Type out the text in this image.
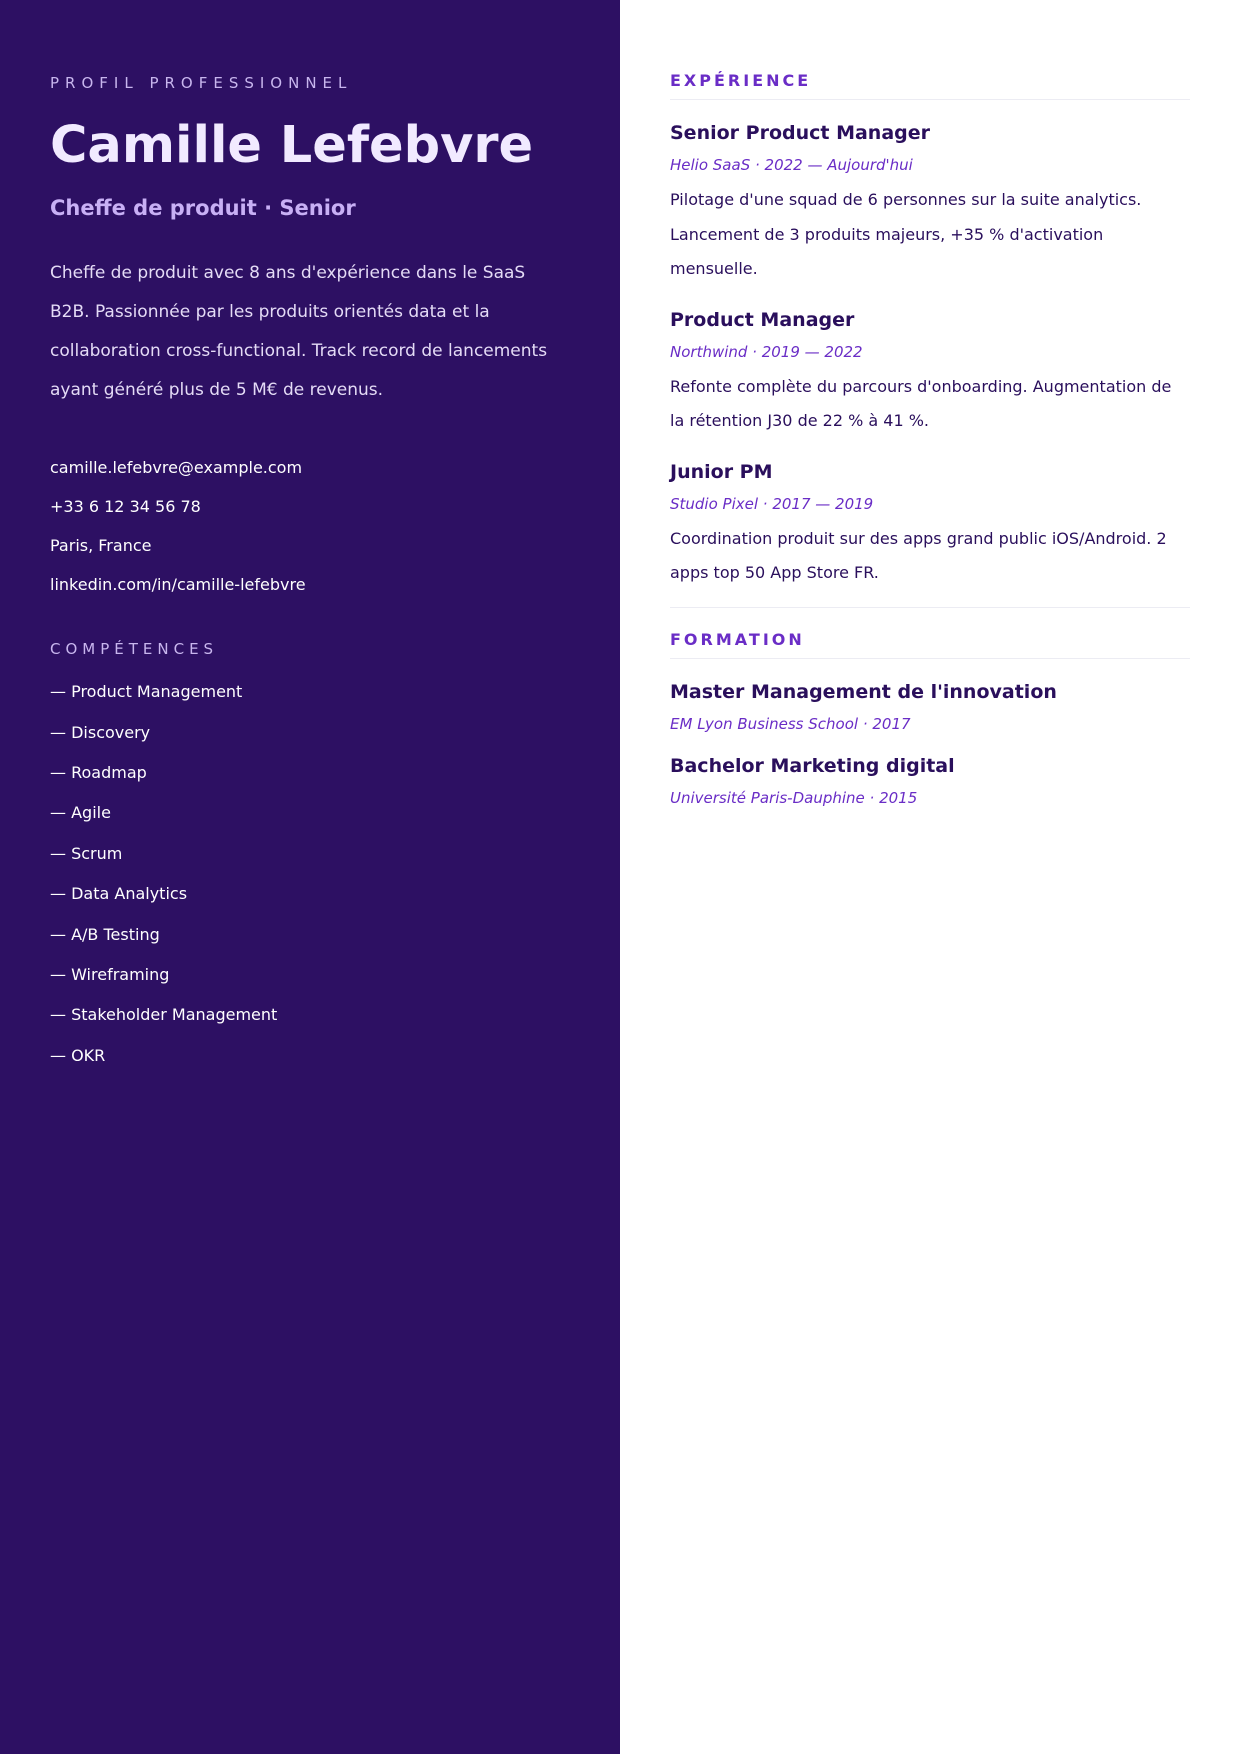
PROFIL PROFESSIONNEL

Camille Lefebvre

Cheffe de produit · Senior

Cheffe de produit avec 8 ans d'expérience dans le SaaS B2B. Passionnée par les produits orientés data et la collaboration cross-functional. Track record de lancements ayant généré plus de 5 M€ de revenus.

camille.lefebvre@example.com
+33 6 12 34 56 78
Paris, France
linkedin.com/in/camille-lefebvre

COMPÉTENCES

— Product Management
— Discovery
— Roadmap
— Agile
— Scrum
— Data Analytics
— A/B Testing
— Wireframing
— Stakeholder Management
— OKR
EXPÉRIENCE
Senior Product Manager

Helio SaaS · 2022 — Aujourd'hui

Pilotage d'une squad de 6 personnes sur la suite analytics. Lancement de 3 produits majeurs, +35 % d'activation mensuelle.

Product Manager

Northwind · 2019 — 2022

Refonte complète du parcours d'onboarding. Augmentation de la rétention J30 de 22 % à 41 %.

Junior PM

Studio Pixel · 2017 — 2019

Coordination produit sur des apps grand public iOS/Android. 2 apps top 50 App Store FR.

FORMATION
Master Management de l'innovation

EM Lyon Business School · 2017

Bachelor Marketing digital

Université Paris-Dauphine · 2015
